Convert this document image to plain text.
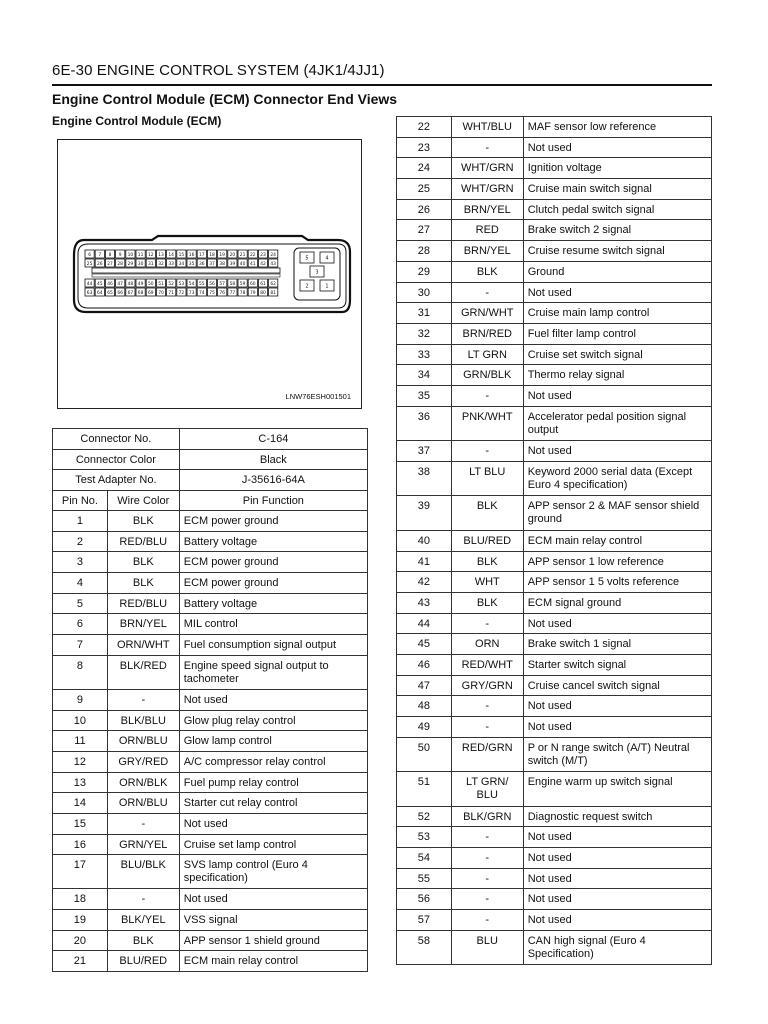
6E-30 ENGINE CONTROL SYSTEM (4JK1/4JJ1)
Engine Control Module (ECM) Connector End Views
Engine Control Module (ECM)
6 7 8 9 10 11 12 13 14 15 16 17 18 19 20 21 22 23 24
25 26 27 28 29 30 31 32 33 34 35 36 37 38 39 40 41 42 43
44 45 46 47 48 49 50 51 52 53 54 55 56 57 58 59 60 61 62
63 64 65 66 67 68 69 70 71 72 73 74 75 76 77 78 79 80 81
5	4
3
2	1
LNW76ESH001501
Connector No.		C-164
Connector Color		Black
Test Adapter No.		J-35616-64A
Pin No.	Wire Color	Pin Function
1	BLK	ECM power ground
2	RED/BLU	Battery voltage
3	BLK	ECM power ground
4	BLK	ECM power ground
5	RED/BLU	Battery voltage
6	BRN/YEL	MIL control
7	ORN/WHT	Fuel consumption signal output
8	BLK/RED	Engine speed signal output to tachometer
9	-	Not used
10	BLK/BLU	Glow plug relay control
11	ORN/BLU	Glow lamp control
12	GRY/RED	A/C compressor relay control
13	ORN/BLK	Fuel pump relay control
14	ORN/BLU	Starter cut relay control
15	-	Not used
16	GRN/YEL	Cruise set lamp control
17	BLU/BLK	SVS lamp control (Euro 4 specification)
18	-	Not used
19	BLK/YEL	VSS signal
20	BLK	APP sensor 1 shield ground
21	BLU/RED	ECM main relay control
22	WHT/BLU	MAF sensor low reference
23	-	Not used
24	WHT/GRN	Ignition voltage
25	WHT/GRN	Cruise main switch signal
26	BRN/YEL	Clutch pedal switch signal
27	RED	Brake switch 2 signal
28	BRN/YEL	Cruise resume switch signal
29	BLK	Ground
30	-	Not used
31	GRN/WHT	Cruise main lamp control
32	BRN/RED	Fuel filter lamp control
33	LT GRN	Cruise set switch signal
34	GRN/BLK	Thermo relay signal
35	-	Not used
36	PNK/WHT	Accelerator pedal position signal output
37	-	Not used
38	LT BLU	Keyword 2000 serial data (Except Euro 4 specification)
39	BLK	APP sensor 2 & MAF sensor shield ground
40	BLU/RED	ECM main relay control
41	BLK	APP sensor 1 low reference
42	WHT	APP sensor 1 5 volts reference
43	BLK	ECM signal ground
44	-	Not used
45	ORN	Brake switch 1 signal
46	RED/WHT	Starter switch signal
47	GRY/GRN	Cruise cancel switch signal
48	-	Not used
49	-	Not used
50	RED/GRN	P or N range switch (A/T) Neutral switch (M/T)
51	LT GRN/ BLU	Engine warm up switch signal
52	BLK/GRN	Diagnostic request switch
53	-	Not used
54	-	Not used
55	-	Not used
56	-	Not used
57	-	Not used
58	BLU	CAN high signal (Euro 4 Specification)
